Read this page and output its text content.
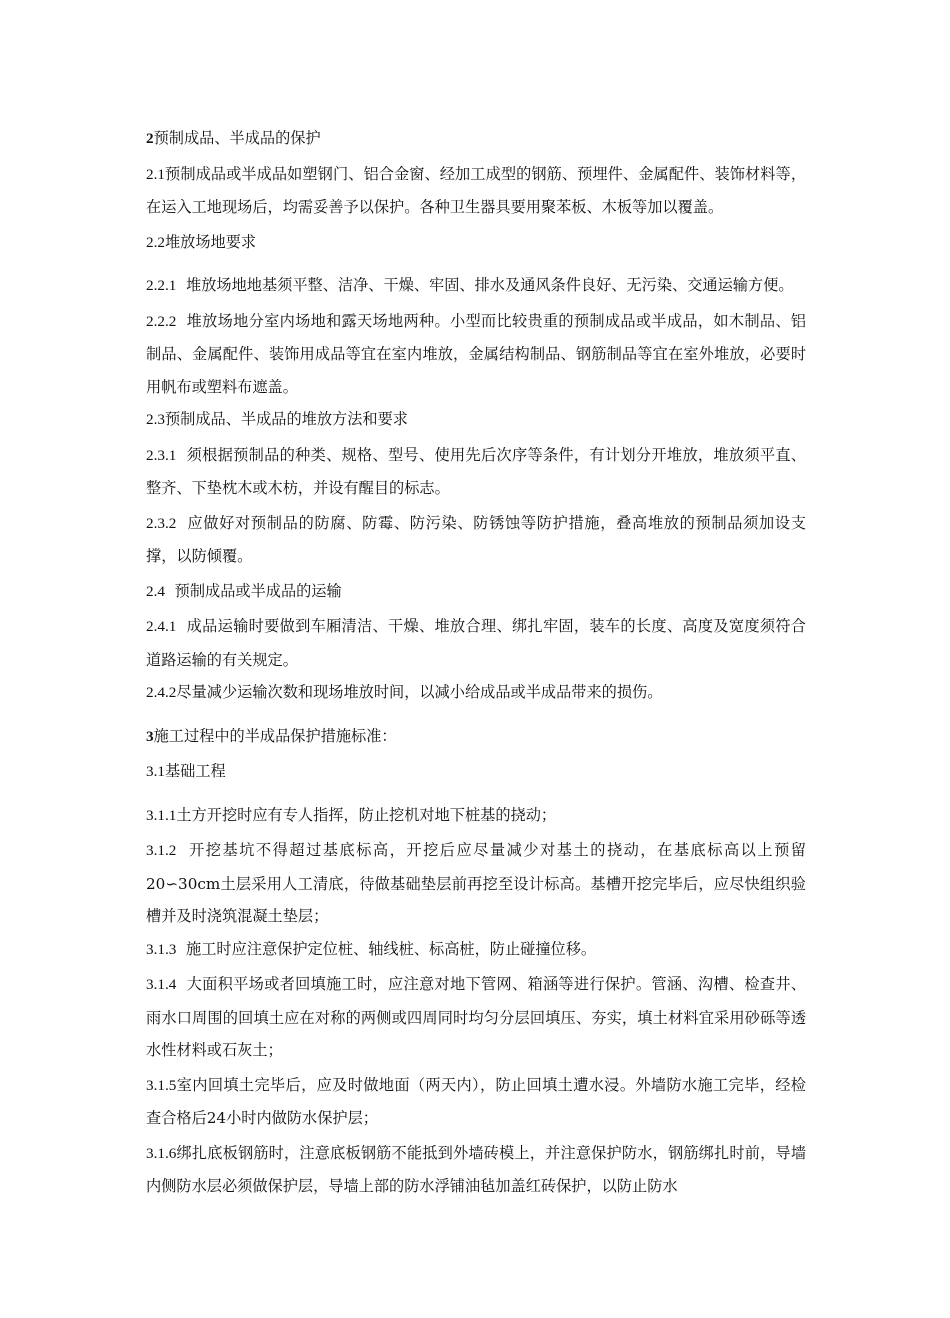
2预制成品、半成品的保护

2.1预制成品或半成品如塑钢门、铝合金窗、经加工成型的钢筋、预埋件、金属配件、装饰材料等，在运入工地现场后，均需妥善予以保护。各种卫生器具要用聚苯板、木板等加以覆盖。

2.2堆放场地要求

2.2.1  堆放场地地基须平整、洁净、干燥、牢固、排水及通风条件良好、无污染、交通运输方便。

2.2.2  堆放场地分室内场地和露天场地两种。小型而比较贵重的预制成品或半成品，如木制品、铝制品、金属配件、装饰用成品等宜在室内堆放，金属结构制品、钢筋制品等宜在室外堆放，必要时用帆布或塑料布遮盖。

2.3预制成品、半成品的堆放方法和要求

2.3.1  须根据预制品的种类、规格、型号、使用先后次序等条件，有计划分开堆放，堆放须平直、整齐、下垫枕木或木枋，并设有醒目的标志。

2.3.2  应做好对预制品的防腐、防霉、防污染、防锈蚀等防护措施，叠高堆放的预制品须加设支撑，以防倾覆。

2.4  预制成品或半成品的运输

2.4.1  成品运输时要做到车厢清洁、干燥、堆放合理、绑扎牢固，装车的长度、高度及宽度须符合道路运输的有关规定。

2.4.2尽量减少运输次数和现场堆放时间，以减小给成品或半成品带来的损伤。

3施工过程中的半成品保护措施标准：

3.1基础工程

3.1.1土方开挖时应有专人指挥，防止挖机对地下桩基的挠动；

3.1.2  开挖基坑不得超过基底标高，开挖后应尽量减少对基土的挠动，在基底标高以上预留20∽30cm土层采用人工清底，待做基础垫层前再挖至设计标高。基槽开挖完毕后，应尽快组织验槽并及时浇筑混凝土垫层；

3.1.3  施工时应注意保护定位桩、轴线桩、标高桩，防止碰撞位移。

3.1.4  大面积平场或者回填施工时，应注意对地下管网、箱涵等进行保护。管涵、沟槽、检查井、雨水口周围的回填土应在对称的两侧或四周同时均匀分层回填压、夯实，填土材料宜采用砂砾等透水性材料或石灰土；

3.1.5室内回填土完毕后，应及时做地面（两天内），防止回填土遭水浸。外墙防水施工完毕，经检查合格后24小时内做防水保护层；

3.1.6绑扎底板钢筋时，注意底板钢筋不能抵到外墙砖模上，并注意保护防水，钢筋绑扎时前，导墙内侧防水层必须做保护层，导墙上部的防水浮铺油毡加盖红砖保护，以防止防水
